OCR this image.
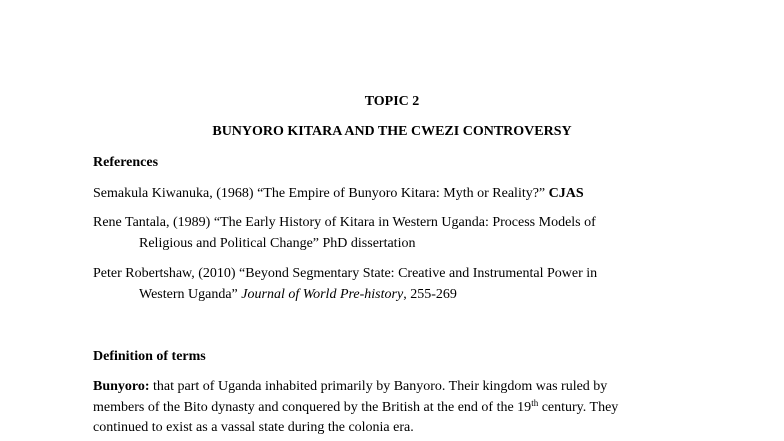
TOPIC 2
BUNYORO KITARA AND THE CWEZI CONTROVERSY
References
Semakula Kiwanuka, (1968) “The Empire of Bunyoro Kitara: Myth or Reality?” CJAS
Rene Tantala, (1989) “The Early History of Kitara in Western Uganda: Process Models of
Religious and Political Change” PhD dissertation
Peter Robertshaw, (2010) “Beyond Segmentary State: Creative and Instrumental Power in
Western Uganda” Journal of World Pre-history, 255-269
Definition of terms
Bunyoro: that part of Uganda inhabited primarily by Banyoro. Their kingdom was ruled by
members of the Bito dynasty and conquered by the British at the end of the 19th century. They
continued to exist as a vassal state during the colonia era.
